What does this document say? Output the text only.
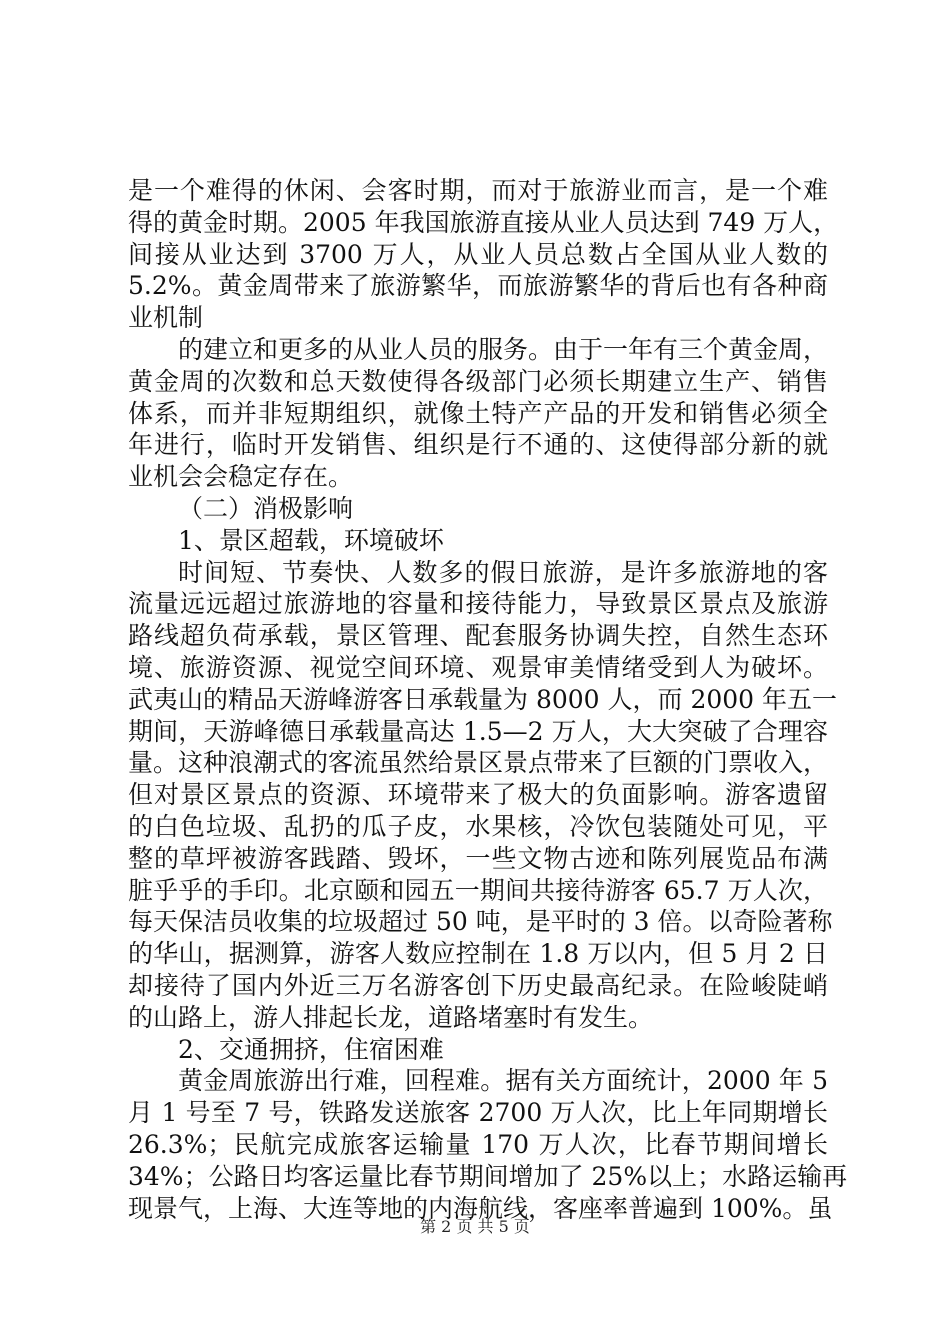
是一个难得的休闲、会客时期，而对于旅游业而言，是一个难
得的黄金时期。2005 年我国旅游直接从业人员达到 749 万人，
间接从业达到 3700 万人，从业人员总数占全国从业人数的
5.2%。黄金周带来了旅游繁华，而旅游繁华的背后也有各种商
业机制
的建立和更多的从业人员的服务。由于一年有三个黄金周，
黄金周的次数和总天数使得各级部门必须长期建立生产、销售
体系，而并非短期组织，就像土特产产品的开发和销售必须全
年进行，临时开发销售、组织是行不通的、这使得部分新的就
业机会会稳定存在。
（二）消极影响
1、景区超载，环境破坏
时间短、节奏快、人数多的假日旅游，是许多旅游地的客
流量远远超过旅游地的容量和接待能力，导致景区景点及旅游
路线超负荷承载，景区管理、配套服务协调失控，自然生态环
境、旅游资源、视觉空间环境、观景审美情绪受到人为破坏。
武夷山的精品天游峰游客日承载量为 8000 人，而 2000 年五一
期间，天游峰德日承载量高达 1.5—2 万人，大大突破了合理容
量。这种浪潮式的客流虽然给景区景点带来了巨额的门票收入，
但对景区景点的资源、环境带来了极大的负面影响。游客遗留
的白色垃圾、乱扔的瓜子皮，水果核，冷饮包装随处可见，平
整的草坪被游客践踏、毁坏，一些文物古迹和陈列展览品布满
脏乎乎的手印。北京颐和园五一期间共接待游客 65.7 万人次，
每天保洁员收集的垃圾超过 50 吨，是平时的 3 倍。以奇险著称
的华山，据测算，游客人数应控制在 1.8 万以内，但 5 月 2 日
却接待了国内外近三万名游客创下历史最高纪录。在险峻陡峭
的山路上，游人排起长龙，道路堵塞时有发生。
2、交通拥挤，住宿困难
黄金周旅游出行难，回程难。据有关方面统计，2000 年 5
月 1 号至 7 号，铁路发送旅客 2700 万人次，比上年同期增长
26.3%；民航完成旅客运输量 170 万人次，比春节期间增长
34%；公路日均客运量比春节期间增加了 25%以上；水路运输再
现景气，上海、大连等地的内海航线，客座率普遍到 100%。虽
第 2 页 共 5 页
